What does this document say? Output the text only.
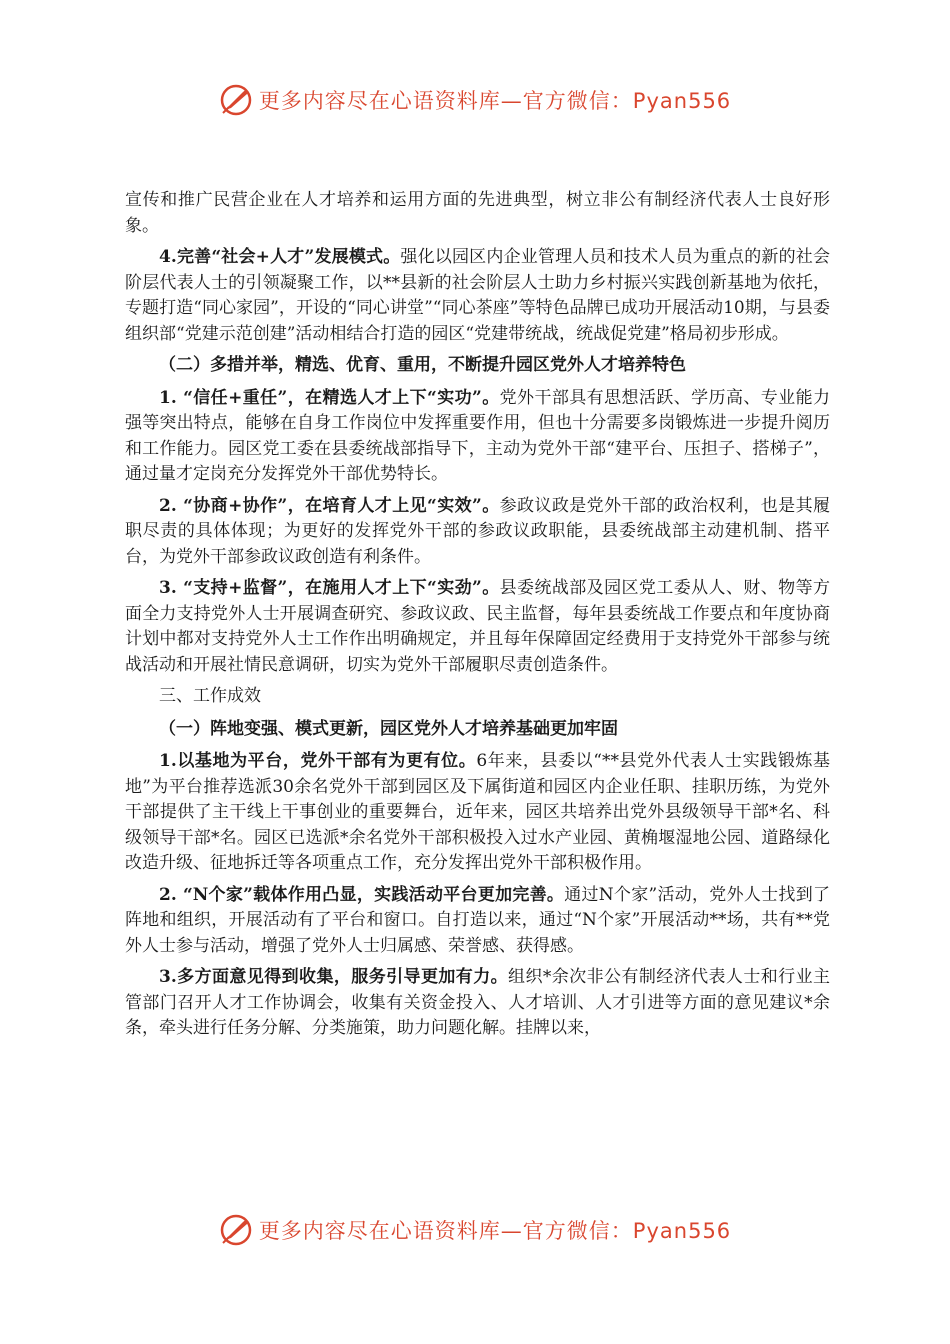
更多内容尽在心语资料库—官方微信：Pyan556

宣传和推广民营企业在人才培养和运用方面的先进典型，树立非公有制经济代表人士良好形象。

4.完善“社会+人才”发展模式。强化以园区内企业管理人员和技术人员为重点的新的社会阶层代表人士的引领凝聚工作，以**县新的社会阶层人士助力乡村振兴实践创新基地为依托，专题打造“同心家园”，开设的“同心讲堂”“同心茶座”等特色品牌已成功开展活动10期，与县委组织部“党建示范创建”活动相结合打造的园区“党建带统战，统战促党建”格局初步形成。

（二）多措并举，精选、优育、重用，不断提升园区党外人才培养特色

1. “信任+重任”，在精选人才上下“实功”。党外干部具有思想活跃、学历高、专业能力强等突出特点，能够在自身工作岗位中发挥重要作用，但也十分需要多岗锻炼进一步提升阅历和工作能力。园区党工委在县委统战部指导下，主动为党外干部“建平台、压担子、搭梯子”，通过量才定岗充分发挥党外干部优势特长。

2. “协商+协作”，在培育人才上见“实效”。参政议政是党外干部的政治权利，也是其履职尽责的具体体现；为更好的发挥党外干部的参政议政职能，县委统战部主动建机制、搭平台，为党外干部参政议政创造有利条件。

3. “支持+监督”，在施用人才上下“实劲”。县委统战部及园区党工委从人、财、物等方面全力支持党外人士开展调查研究、参政议政、民主监督，每年县委统战工作要点和年度协商计划中都对支持党外人士工作作出明确规定，并且每年保障固定经费用于支持党外干部参与统战活动和开展社情民意调研，切实为党外干部履职尽责创造条件。

三、工作成效

（一）阵地变强、模式更新，园区党外人才培养基础更加牢固

1.以基地为平台，党外干部有为更有位。6年来，县委以“**县党外代表人士实践锻炼基地”为平台推荐选派30余名党外干部到园区及下属街道和园区内企业任职、挂职历练，为党外干部提供了主干线上干事创业的重要舞台，近年来，园区共培养出党外县级领导干部*名、科级领导干部*名。园区已选派*余名党外干部积极投入过水产业园、黄桷堰湿地公园、道路绿化改造升级、征地拆迁等各项重点工作，充分发挥出党外干部积极作用。

2. “N个家”载体作用凸显，实践活动平台更加完善。通过N个家”活动，党外人士找到了阵地和组织，开展活动有了平台和窗口。自打造以来，通过“N个家”开展活动**场，共有**党外人士参与活动，增强了党外人士归属感、荣誉感、获得感。

3.多方面意见得到收集，服务引导更加有力。组织*余次非公有制经济代表人士和行业主管部门召开人才工作协调会，收集有关资金投入、人才培训、人才引进等方面的意见建议*余条，牵头进行任务分解、分类施策，助力问题化解。挂牌以来，

更多内容尽在心语资料库—官方微信：Pyan556
